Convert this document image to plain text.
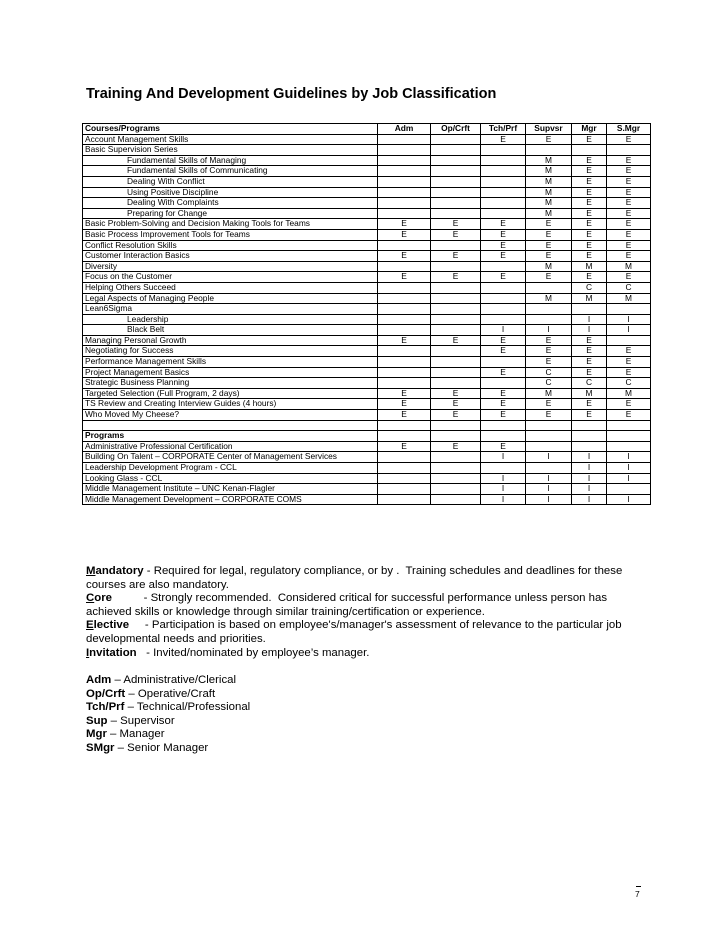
Training And Development Guidelines by Job Classification
Courses/Programs	Adm	Op/Crft	Tch/Prf	Supvsr	Mgr	S.Mgr
Account Management Skills			E	E	E	E
Basic Supervision Series						
Fundamental Skills of Managing				M	E	E
Fundamental Skills of Communicating				M	E	E
Dealing With Conflict				M	E	E
Using Positive Discipline				M	E	E
Dealing With Complaints				M	E	E
Preparing for Change				M	E	E
Basic Problem-Solving and Decision Making Tools for Teams	E	E	E	E	E	E
Basic Process Improvement Tools for Teams	E	E	E	E	E	E
Conflict Resolution Skills			E	E	E	E
Customer Interaction Basics	E	E	E	E	E	E
Diversity				M	M	M
Focus on the Customer	E	E	E	E	E	E
Helping Others Succeed					C	C
Legal Aspects of Managing People				M	M	M
Lean6Sigma						
Leadership					I	I
Black Belt			I	I	I	I
Managing Personal Growth	E	E	E	E	E	
Negotiating for Success			E	E	E	E
Performance Management Skills				E	E	E
Project Management Basics			E	C	E	E
Strategic Business Planning				C	C	C
Targeted Selection (Full Program, 2 days)	E	E	E	M	M	M
TS Review and Creating Interview Guides (4 hours)	E	E	E	E	E	E
Who Moved My Cheese?	E	E	E	E	E	E

Programs						
Administrative Professional Certification	E	E	E			
Building On Talent – CORPORATE Center of Management Services			I	I	I	I
Leadership Development Program - CCL					I	I
Looking Glass - CCL			I	I	I	I
Middle Management Institute – UNC Kenan-Flagler			I	I	I	
Middle Management Development – CORPORATE COMS			I	I	I	I

Mandatory - Required for legal, regulatory compliance, or by .  Training schedules and deadlines for these courses are also mandatory.

Core          - Strongly recommended.  Considered critical for successful performance unless person has achieved skills or knowledge through similar training/certification or experience.

Elective     - Participation is based on employee's/manager's assessment of relevance to the particular job developmental needs and priorities.

Invitation   - Invited/nominated by employee’s manager.

Adm – Administrative/Clerical

Op/Crft – Operative/Craft

Tch/Prf – Technical/Professional

Sup – Supervisor

Mgr – Manager

SMgr – Senior Manager

7
